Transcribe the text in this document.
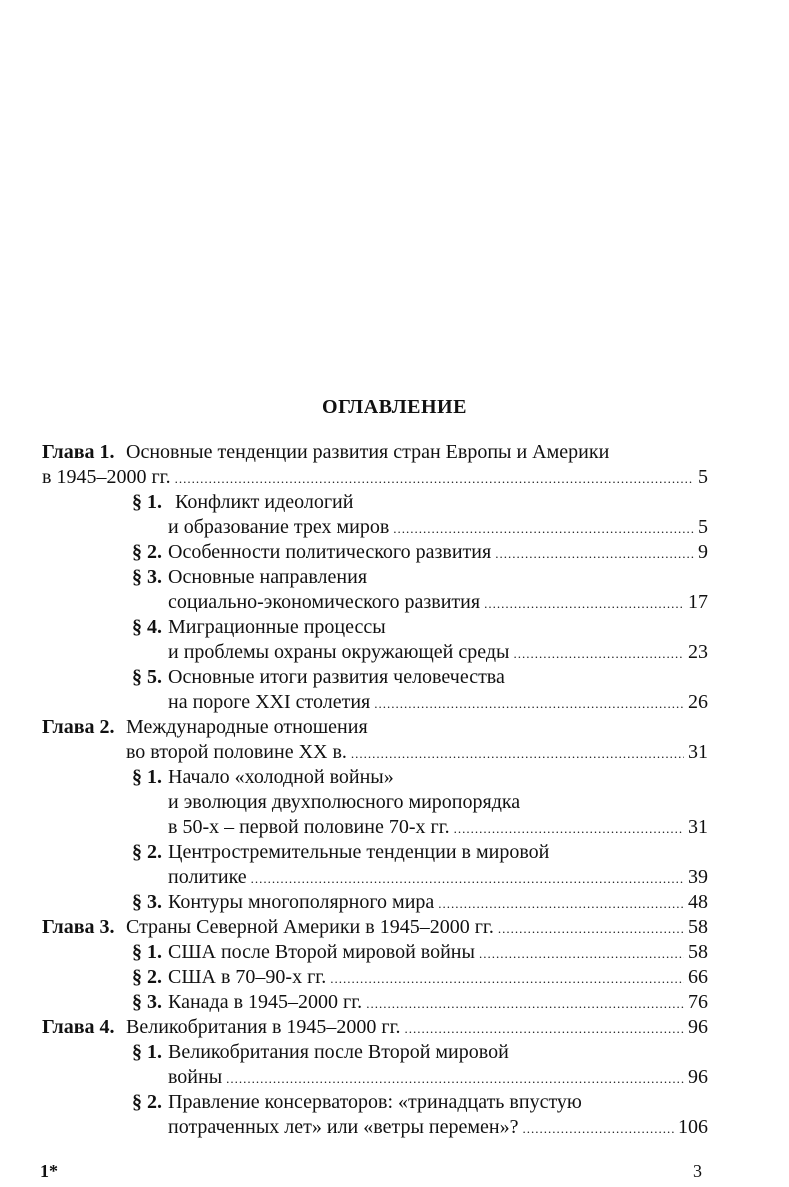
ОГЛАВЛЕНИЕ
Глава 1. Основные тенденции развития стран Европы и Америки
в 1945–2000 гг. .....	5
§ 1. Конфликт идеологий
и образование трех миров .....	5
§ 2. Особенности политического развития .....	9
§ 3. Основные направления
социально-экономического развития .....	17
§ 4. Миграционные процессы
и проблемы охраны окружающей среды .....	23
§ 5. Основные итоги развития человечества
на пороге XXI столетия .....	26
Глава 2. Международные отношения
во второй половине XX в. .....	31
§ 1. Начало «холодной войны»
и эволюция двухполюсного миропорядка
в 50-х – первой половине 70-х гг. .....	31
§ 2. Центростремительные тенденции в мировой
политике .....	39
§ 3. Контуры многополярного мира .....	48
Глава 3. Страны Северной Америки в 1945–2000 гг. .....	58
§ 1. США после Второй мировой войны .....	58
§ 2. США в 70–90-х гг. .....	66
§ 3. Канада в 1945–2000 гг. .....	76
Глава 4. Великобритания в 1945–2000 гг. .....	96
§ 1. Великобритания после Второй мировой
войны .....	96
§ 2. Правление консерваторов: «тринадцать впустую
потраченных лет» или «ветры перемен»? .....	106
1*	3
